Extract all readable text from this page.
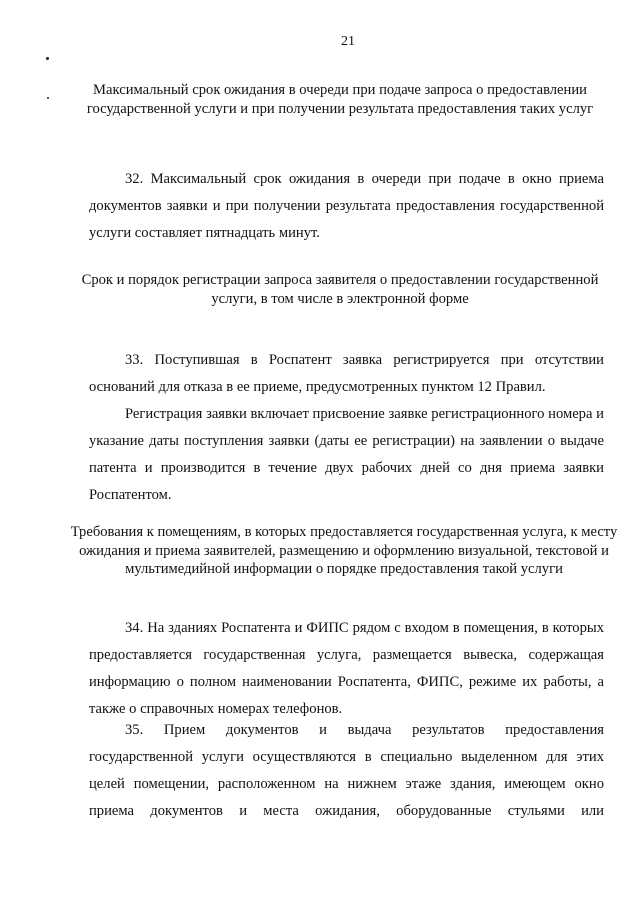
21
Максимальный срок ожидания в очереди при подаче запроса о предоставлении государственной услуги и при получении результата предоставления таких услуг

32. Максимальный срок ожидания в очереди при подаче в окно приема документов заявки и при получении результата предоставления государственной услуги составляет пятнадцать минут.

Срок и порядок регистрации запроса заявителя о предоставлении государственной услуги, в том числе в электронной форме

33. Поступившая в Роспатент заявка регистрируется при отсутствии оснований для отказа в ее приеме, предусмотренных пунктом 12 Правил.

Регистрация заявки включает присвоение заявке регистрационного номера и указание даты поступления заявки (даты ее регистрации) на заявлении о выдаче патента и производится в течение двух рабочих дней со дня приема заявки Роспатентом.

Требования к помещениям, в которых предоставляется государственная услуга, к месту ожидания и приема заявителей, размещению и оформлению визуальной, текстовой и мультимедийной информации о порядке предоставления такой услуги

34. На зданиях Роспатента и ФИПС рядом с входом в помещения, в которых предоставляется государственная услуга, размещается вывеска, содержащая информацию о полном наименовании Роспатента, ФИПС, режиме их работы, а также о справочных номерах телефонов.

35. Прием документов и выдача результатов предоставления государственной услуги осуществляются в специально выделенном для этих целей помещении, расположенном на нижнем этаже здания, имеющем окно приема документов и места ожидания, оборудованные стульями или
